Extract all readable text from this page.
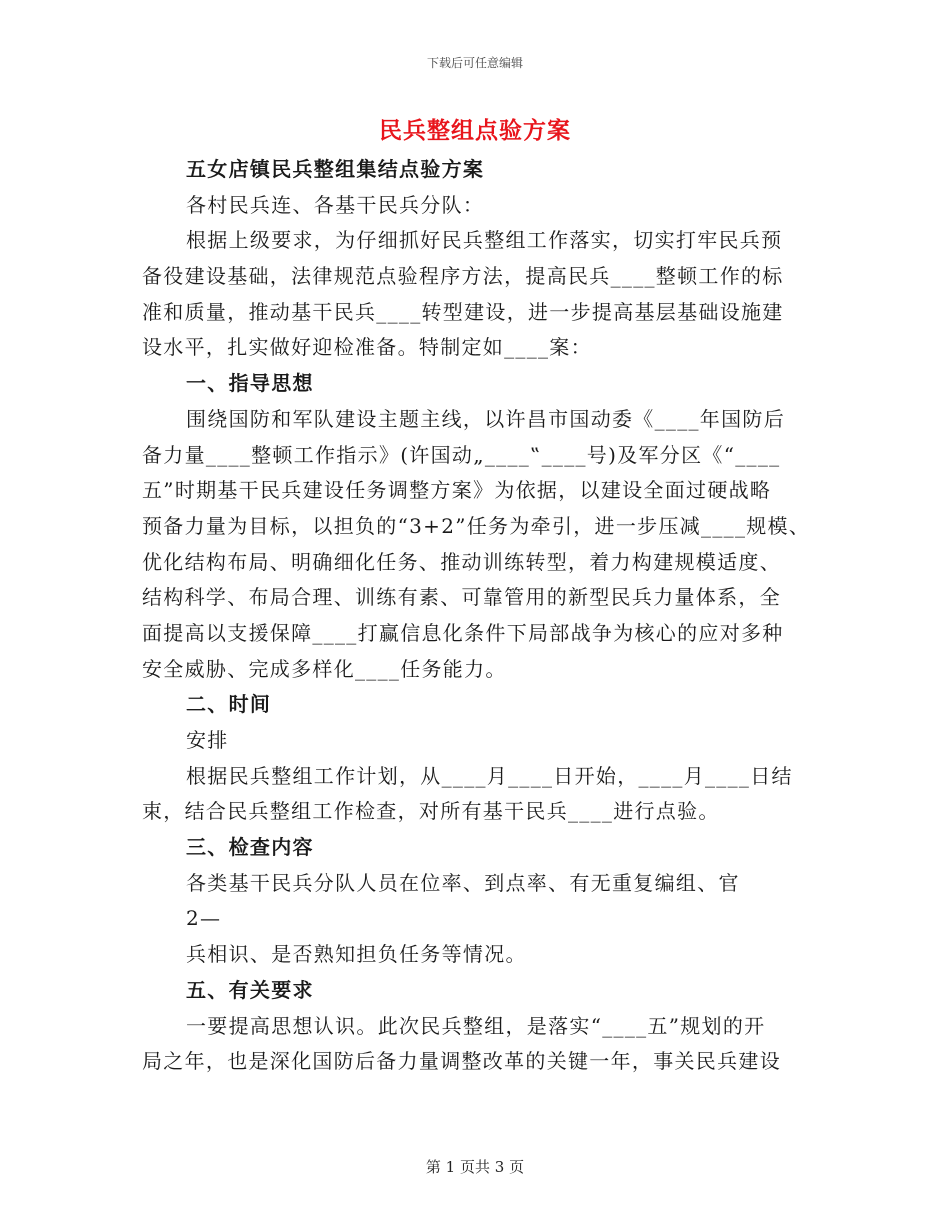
下载后可任意编辑
民兵整组点验方案
五女店镇民兵整组集结点验方案
各村民兵连、各基干民兵分队：
根据上级要求，为仔细抓好民兵整组工作落实，切实打牢民兵预
备役建设基础，法律规范点验程序方法，提高民兵____整顿工作的标
准和质量，推动基干民兵____转型建设，进一步提高基层基础设施建
设水平，扎实做好迎检准备。特制定如____案：
一、指导思想
围绕国防和军队建设主题主线，以许昌市国动委《____年国防后
备力量____整顿工作指示》(许国动„____‟____号)及军分区《“____
五”时期基干民兵建设任务调整方案》为依据，以建设全面过硬战略
预备力量为目标，以担负的“3+2”任务为牵引，进一步压减____规模、
优化结构布局、明确细化任务、推动训练转型，着力构建规模适度、
结构科学、布局合理、训练有素、可靠管用的新型民兵力量体系，全
面提高以支援保障____打赢信息化条件下局部战争为核心的应对多种
安全威胁、完成多样化____任务能力。
二、时间
安排
根据民兵整组工作计划，从____月____日开始，____月____日结
束，结合民兵整组工作检查，对所有基干民兵____进行点验。
三、检查内容
各类基干民兵分队人员在位率、到点率、有无重复编组、官
2—
兵相识、是否熟知担负任务等情况。
五、有关要求
一要提高思想认识。此次民兵整组，是落实“____五”规划的开
局之年，也是深化国防后备力量调整改革的关键一年，事关民兵建设
第 1 页共 3 页
